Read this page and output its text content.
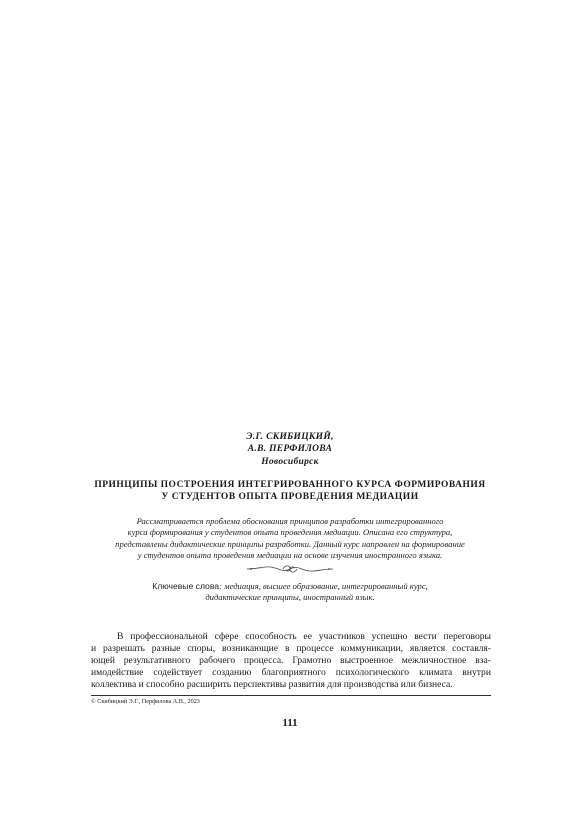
Э.Г. СКИБИЦКИЙ,
А.В. ПЕРФИЛОВА
Новосибирск
ПРИНЦИПЫ ПОСТРОЕНИЯ ИНТЕГРИРОВАННОГО КУРСА ФОРМИРОВАНИЯ
У СТУДЕНТОВ ОПЫТА ПРОВЕДЕНИЯ МЕДИАЦИИ
Рассматривается проблема обоснования принципов разработки интегрированного
курса формирования у студентов опыта проведения медиации. Описана его структура,
представлены дидактические принципы разработки. Данный курс направлен на формирование
у студентов опыта проведения медиации на основе изучения иностранного языка.
Ключевые слова: медиация, высшее образование, интегрированный курс,
дидактические принципы, иностранный язык.
В профессиональной сфере способность ее участников успешно вести переговоры
и разрешать разные споры, возникающие в процессе коммуникации, является составля-
ющей результативного рабочего процесса. Грамотно выстроенное межличностное вза-
имодействие содействует созданию благоприятного психологического климата внутри
коллектива и способно расширить перспективы развития для производства или бизнеса.
© Скибицкий Э.Г., Перфилова А.В., 2023
111
